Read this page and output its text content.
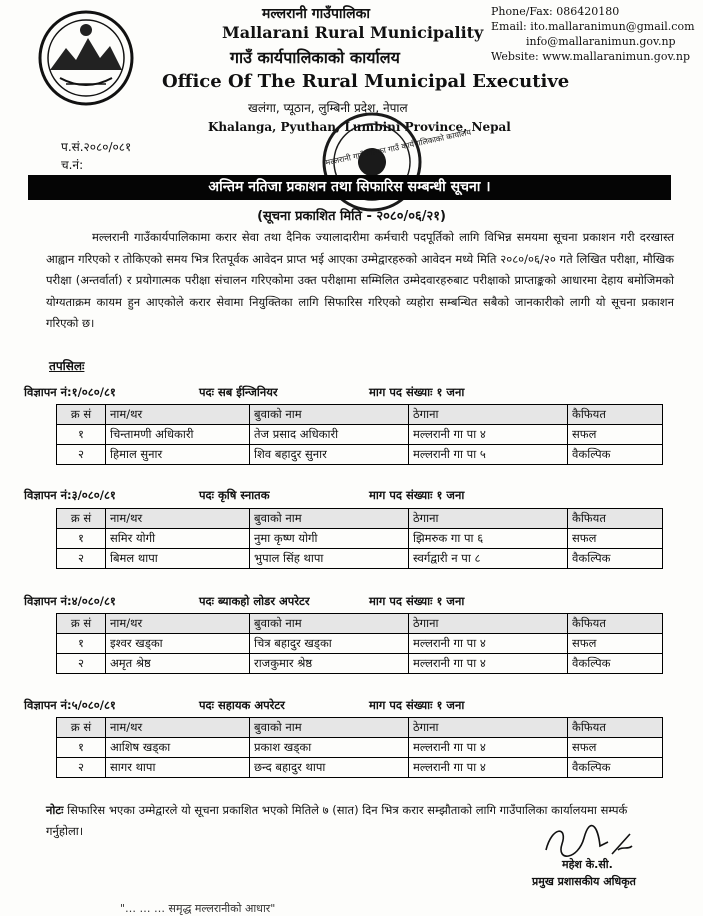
मल्लरानी गाउँपालिका
Mallarani Rural Municipality
गाउँ कार्यपालिकाको कार्यालय
Office Of The Rural Municipal Executive
खलंगा, प्यूठान, लुम्बिनी प्रदेश, नेपाल
Khalanga, Pyuthan, Lumbini Province, Nepal
Phone/Fax: 086420180
Email: ito.mallaranimun@gmail.com
info@mallaranimun.gov.np
Website: www.mallaranimun.gov.np
प.सं.२०८०/०८१
च.नं:	मल्लरानी गाउँपालिका गाउँ कार्यपालिकाको कार्यालय
अन्तिम नतिजा प्रकाशन तथा सिफारिस सम्बन्धी सूचना ।
(सूचना प्रकाशित मिति - २०८०/०६/२१)

मल्लरानी गाउँकार्यपालिकामा करार सेवा तथा दैनिक ज्यालादारीमा कर्मचारी पदपूर्तिको लागि विभिन्न समयमा सूचना प्रकाशन गरी दरखास्त आह्वान गरिएको र तोकिएको समय भित्र रितपूर्वक आवेदन प्राप्त भई आएका उम्मेद्वारहरुको आवेदन मध्ये मिति २०८०/०६/२० गते लिखित परीक्षा, मौखिक परीक्षा (अन्तर्वार्ता) र प्रयोगात्मक परीक्षा संचालन गरिएकोमा उक्त परीक्षामा सम्मिलित उम्मेदवारहरुबाट परीक्षाको प्राप्ताङ्कको आधारमा देहाय बमोजिमको योग्यताक्रम कायम हुन आएकोले करार सेवामा नियुक्तिका लागि सिफारिस गरिएको व्यहोरा सम्बन्धित सबैको जानकारीको लागी यो सूचना प्रकाशन गरिएको छ।

तपसिलः
विज्ञापन नं:१/०८०/८१	पदः सब ईन्जिनियर	माग पद संख्याः १ जना
क्र सं	नाम/थर	बुवाको नाम	ठेगाना	कैफियत
१	चिन्तामणी अधिकारी	तेज प्रसाद अधिकारी	मल्लरानी गा पा ४	सफल
२	हिमाल सुनार	शिव बहादुर सुनार	मल्लरानी गा पा ५	वैकल्पिक
विज्ञापन नं:३/०८०/८१	पदः कृषि स्नातक	माग पद संख्याः १ जना
क्र सं	नाम/थर	बुवाको नाम	ठेगाना	कैफियत
१	समिर योगी	नुमा कृष्ण योगी	झिमरुक गा पा ६	सफल
२	बिमल थापा	भुपाल सिंह थापा	स्वर्गद्वारी न पा ८	वैकल्पिक
विज्ञापन नं:४/०८०/८१	पदः ब्याकहो लोडर अपरेटर	माग पद संख्याः १ जना
क्र सं	नाम/थर	बुवाको नाम	ठेगाना	कैफियत
१	इश्वर खड्का	चित्र बहादुर खड्का	मल्लरानी गा पा ४	सफल
२	अमृत श्रेष्ठ	राजकुमार श्रेष्ठ	मल्लरानी गा पा ४	वैकल्पिक
विज्ञापन नं:५/०८०/८१	पदः सहायक अपरेटर	माग पद संख्याः १ जना
क्र सं	नाम/थर	बुवाको नाम	ठेगाना	कैफियत
१	आशिष खड्का	प्रकाश खड्का	मल्लरानी गा पा ४	सफल
२	सागर थापा	छन्द बहादुर थापा	मल्लरानी गा पा ४	वैकल्पिक
नोटः सिफारिस भएका उम्मेद्वारले यो सूचना प्रकाशित भएको मितिले ७ (सात) दिन भित्र करार सम्झौताको लागि गाउँपालिका कार्यालयमा सम्पर्क गर्नुहोला।
महेश के.सी.
प्रमुख प्रशासकीय अधिकृत
"… … … समृद्ध मल्लरानीको आधार"
